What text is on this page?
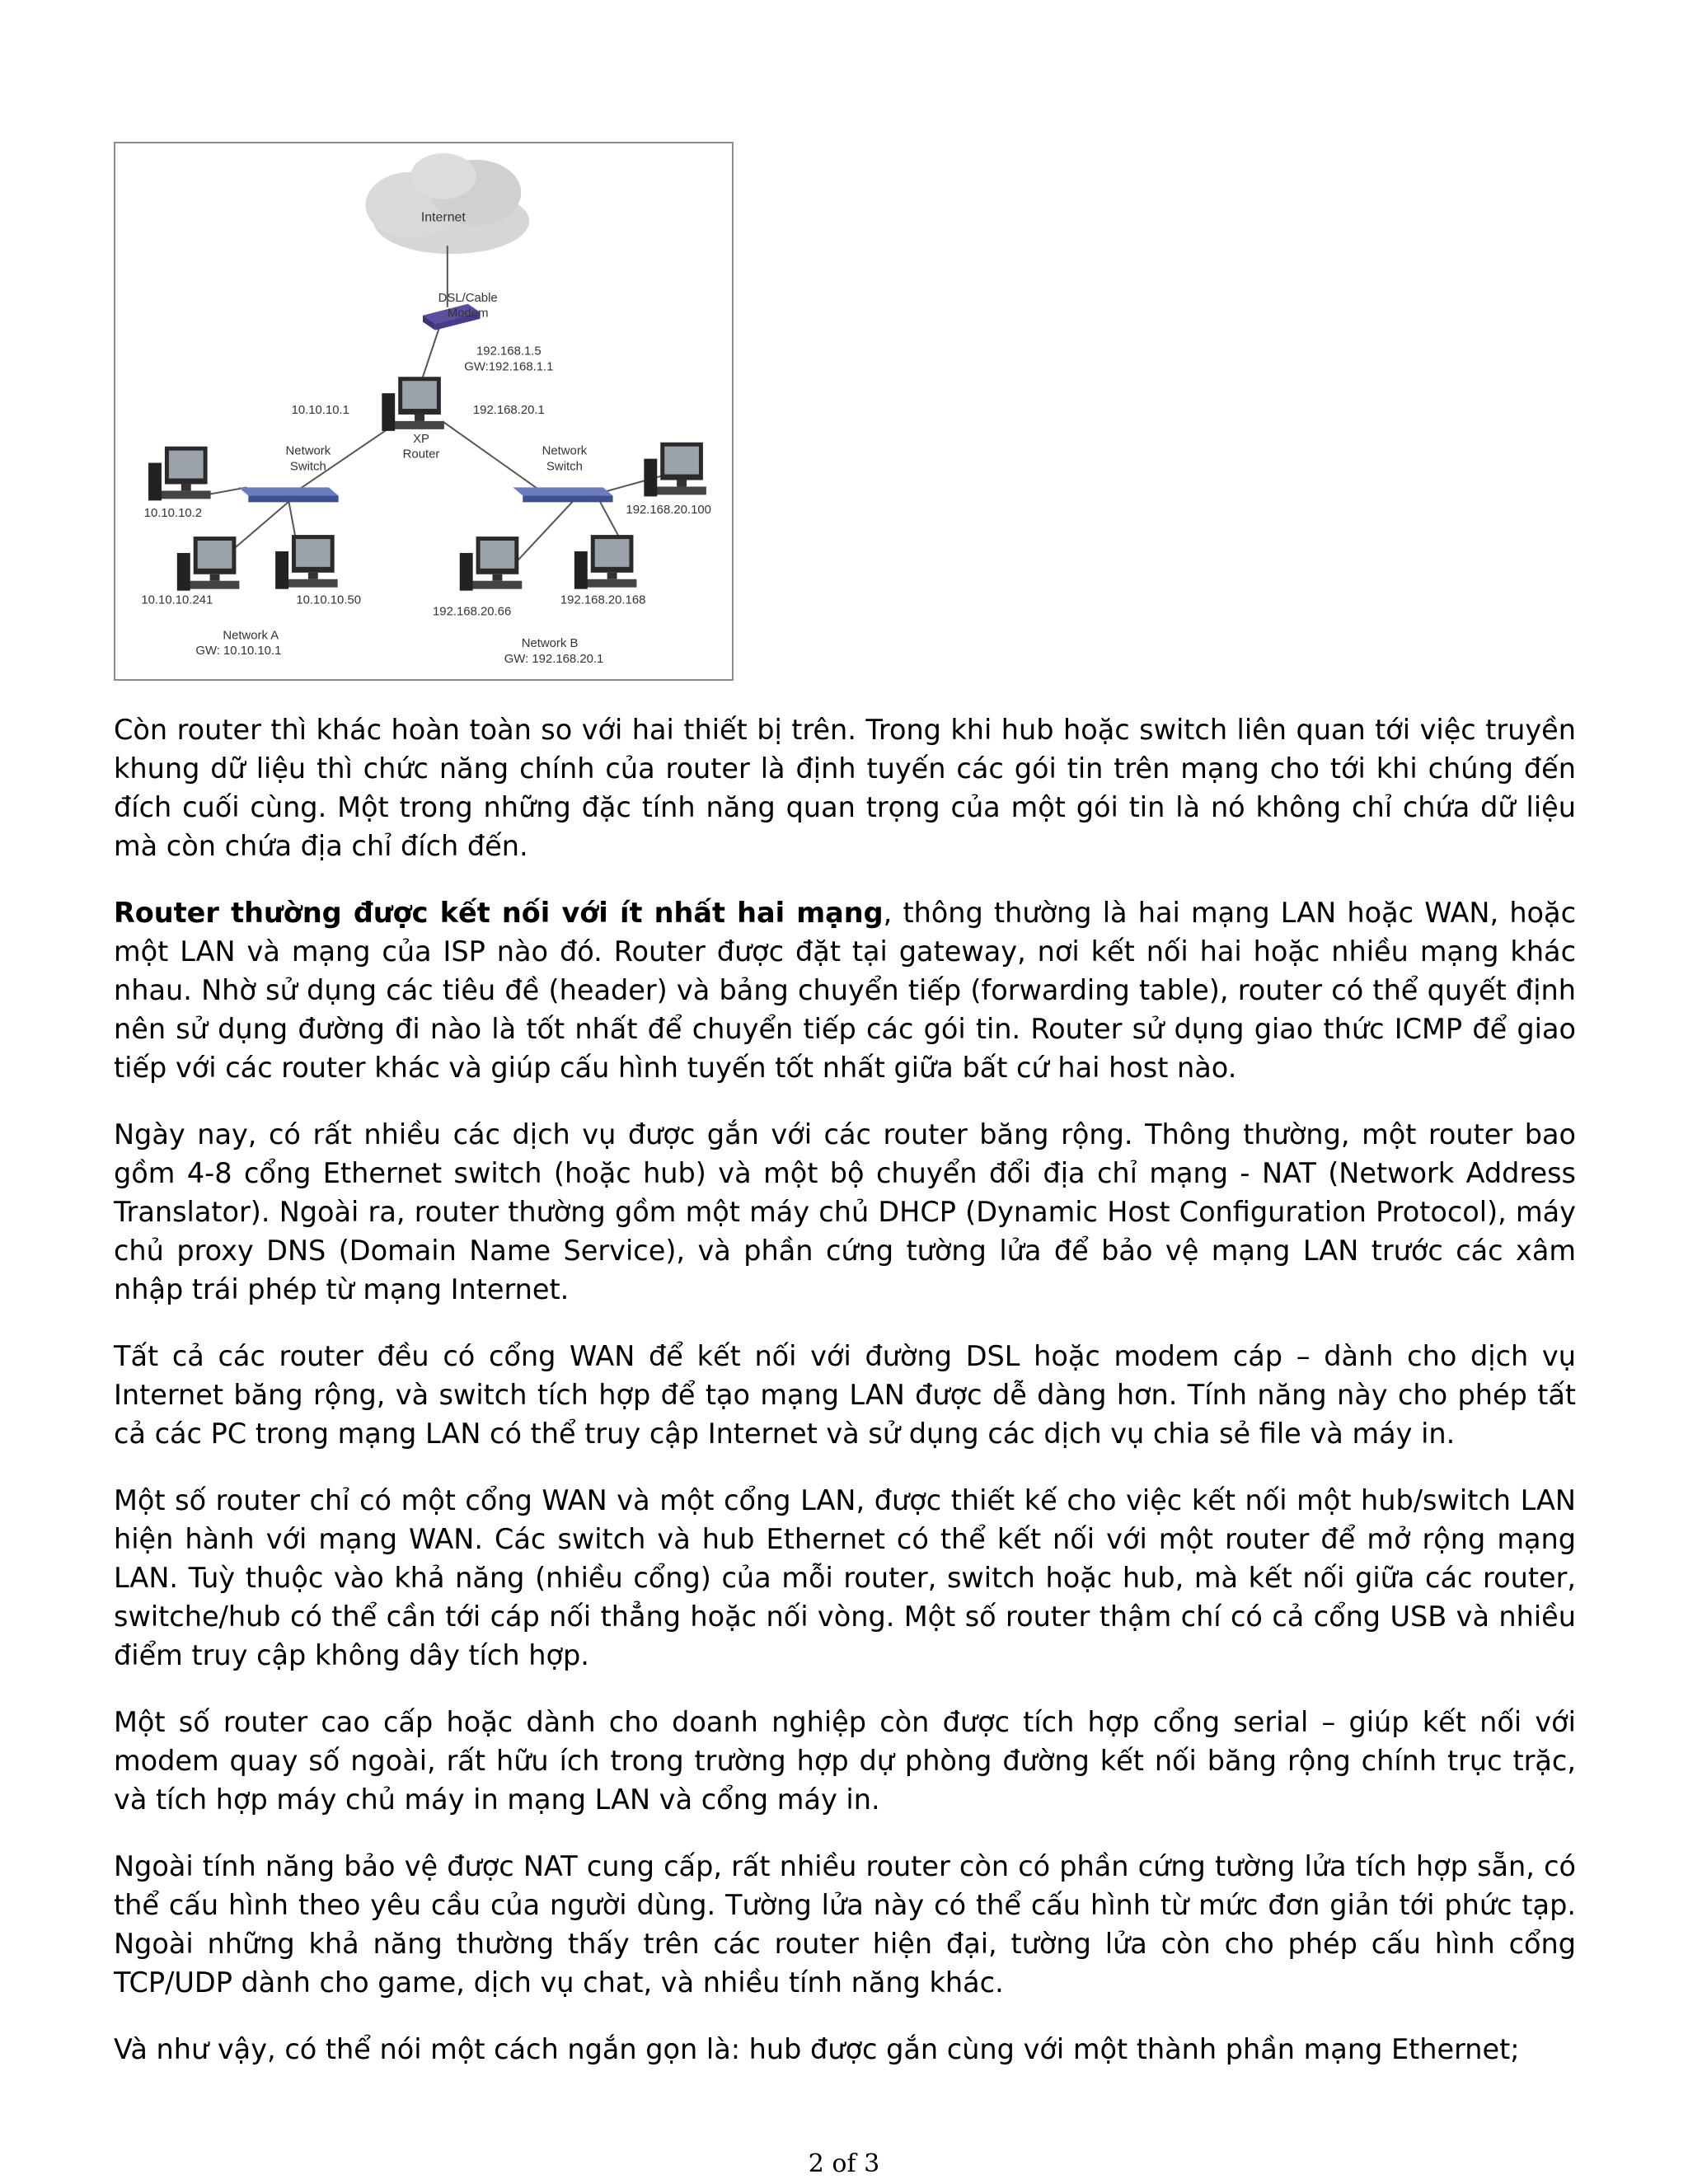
Internet
DSL/Cable
Modem
192.168.1.5
GW:192.168.1.1
10.10.10.1	192.168.20.1
XP
Router
Network
Switch
Network
Switch
10.10.10.2
10.10.10.241	10.10.10.50
192.168.20.100
192.168.20.66
192.168.20.168
Network A
GW: 10.10.10.1
Network B
GW: 192.168.20.1

Còn router thì khác hoàn toàn so với hai thiết bị trên. Trong khi hub hoặc switch liên quan tới việc truyền khung dữ liệu thì chức năng chính của router là định tuyến các gói tin trên mạng cho tới khi chúng đến đích cuối cùng. Một trong những đặc tính năng quan trọng của một gói tin là nó không chỉ chứa dữ liệu mà còn chứa địa chỉ đích đến.

Router thường được kết nối với ít nhất hai mạng, thông thường là hai mạng LAN hoặc WAN, hoặc một LAN và mạng của ISP nào đó. Router được đặt tại gateway, nơi kết nối hai hoặc nhiều mạng khác nhau. Nhờ sử dụng các tiêu đề (header) và bảng chuyển tiếp (forwarding table), router có thể quyết định nên sử dụng đường đi nào là tốt nhất để chuyển tiếp các gói tin. Router sử dụng giao thức ICMP để giao tiếp với các router khác và giúp cấu hình tuyến tốt nhất giữa bất cứ hai host nào.

Ngày nay, có rất nhiều các dịch vụ được gắn với các router băng rộng. Thông thường, một router bao gồm 4-8 cổng Ethernet switch (hoặc hub) và một bộ chuyển đổi địa chỉ mạng - NAT (Network Address Translator). Ngoài ra, router thường gồm một máy chủ DHCP (Dynamic Host Configuration Protocol), máy chủ proxy DNS (Domain Name Service), và phần cứng tường lửa để bảo vệ mạng LAN trước các xâm nhập trái phép từ mạng Internet.

Tất cả các router đều có cổng WAN để kết nối với đường DSL hoặc modem cáp – dành cho dịch vụ Internet băng rộng, và switch tích hợp để tạo mạng LAN được dễ dàng hơn. Tính năng này cho phép tất cả các PC trong mạng LAN có thể truy cập Internet và sử dụng các dịch vụ chia sẻ file và máy in.

Một số router chỉ có một cổng WAN và một cổng LAN, được thiết kế cho việc kết nối một hub/switch LAN hiện hành với mạng WAN. Các switch và hub Ethernet có thể kết nối với một router để mở rộng mạng LAN. Tuỳ thuộc vào khả năng (nhiều cổng) của mỗi router, switch hoặc hub, mà kết nối giữa các router, switche/hub có thể cần tới cáp nối thẳng hoặc nối vòng. Một số router thậm chí có cả cổng USB và nhiều điểm truy cập không dây tích hợp.

Một số router cao cấp hoặc dành cho doanh nghiệp còn được tích hợp cổng serial – giúp kết nối với modem quay số ngoài, rất hữu ích trong trường hợp dự phòng đường kết nối băng rộng chính trục trặc, và tích hợp máy chủ máy in mạng LAN và cổng máy in.

Ngoài tính năng bảo vệ được NAT cung cấp, rất nhiều router còn có phần cứng tường lửa tích hợp sẵn, có thể cấu hình theo yêu cầu của người dùng. Tường lửa này có thể cấu hình từ mức đơn giản tới phức tạp. Ngoài những khả năng thường thấy trên các router hiện đại, tường lửa còn cho phép cấu hình cổng TCP/UDP dành cho game, dịch vụ chat, và nhiều tính năng khác.

Và như vậy, có thể nói một cách ngắn gọn là: hub được gắn cùng với một thành phần mạng Ethernet;

2 of 3
